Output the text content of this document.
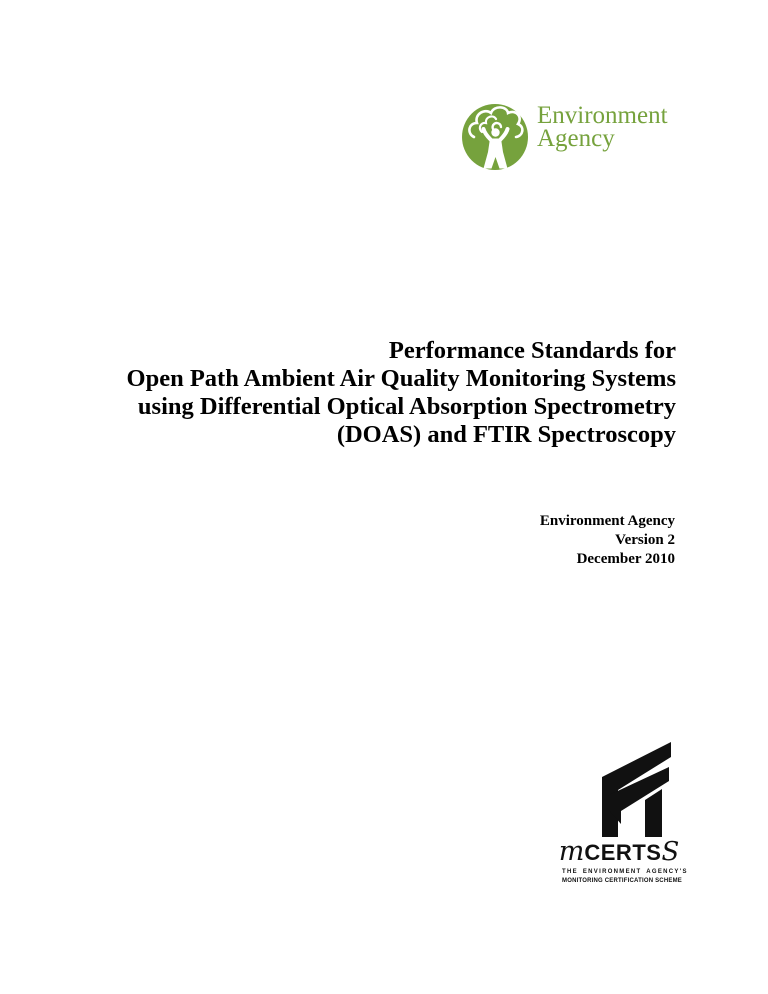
Environment
Agency
Performance Standards for
Open Path Ambient Air Quality Monitoring Systems
using Differential Optical Absorption Spectrometry
(DOAS) and FTIR Spectroscopy
Environment Agency
Version 2
December 2010
m CERTS S
THE ENVIRONMENT AGENCY'S
MONITORING CERTIFICATION SCHEME
